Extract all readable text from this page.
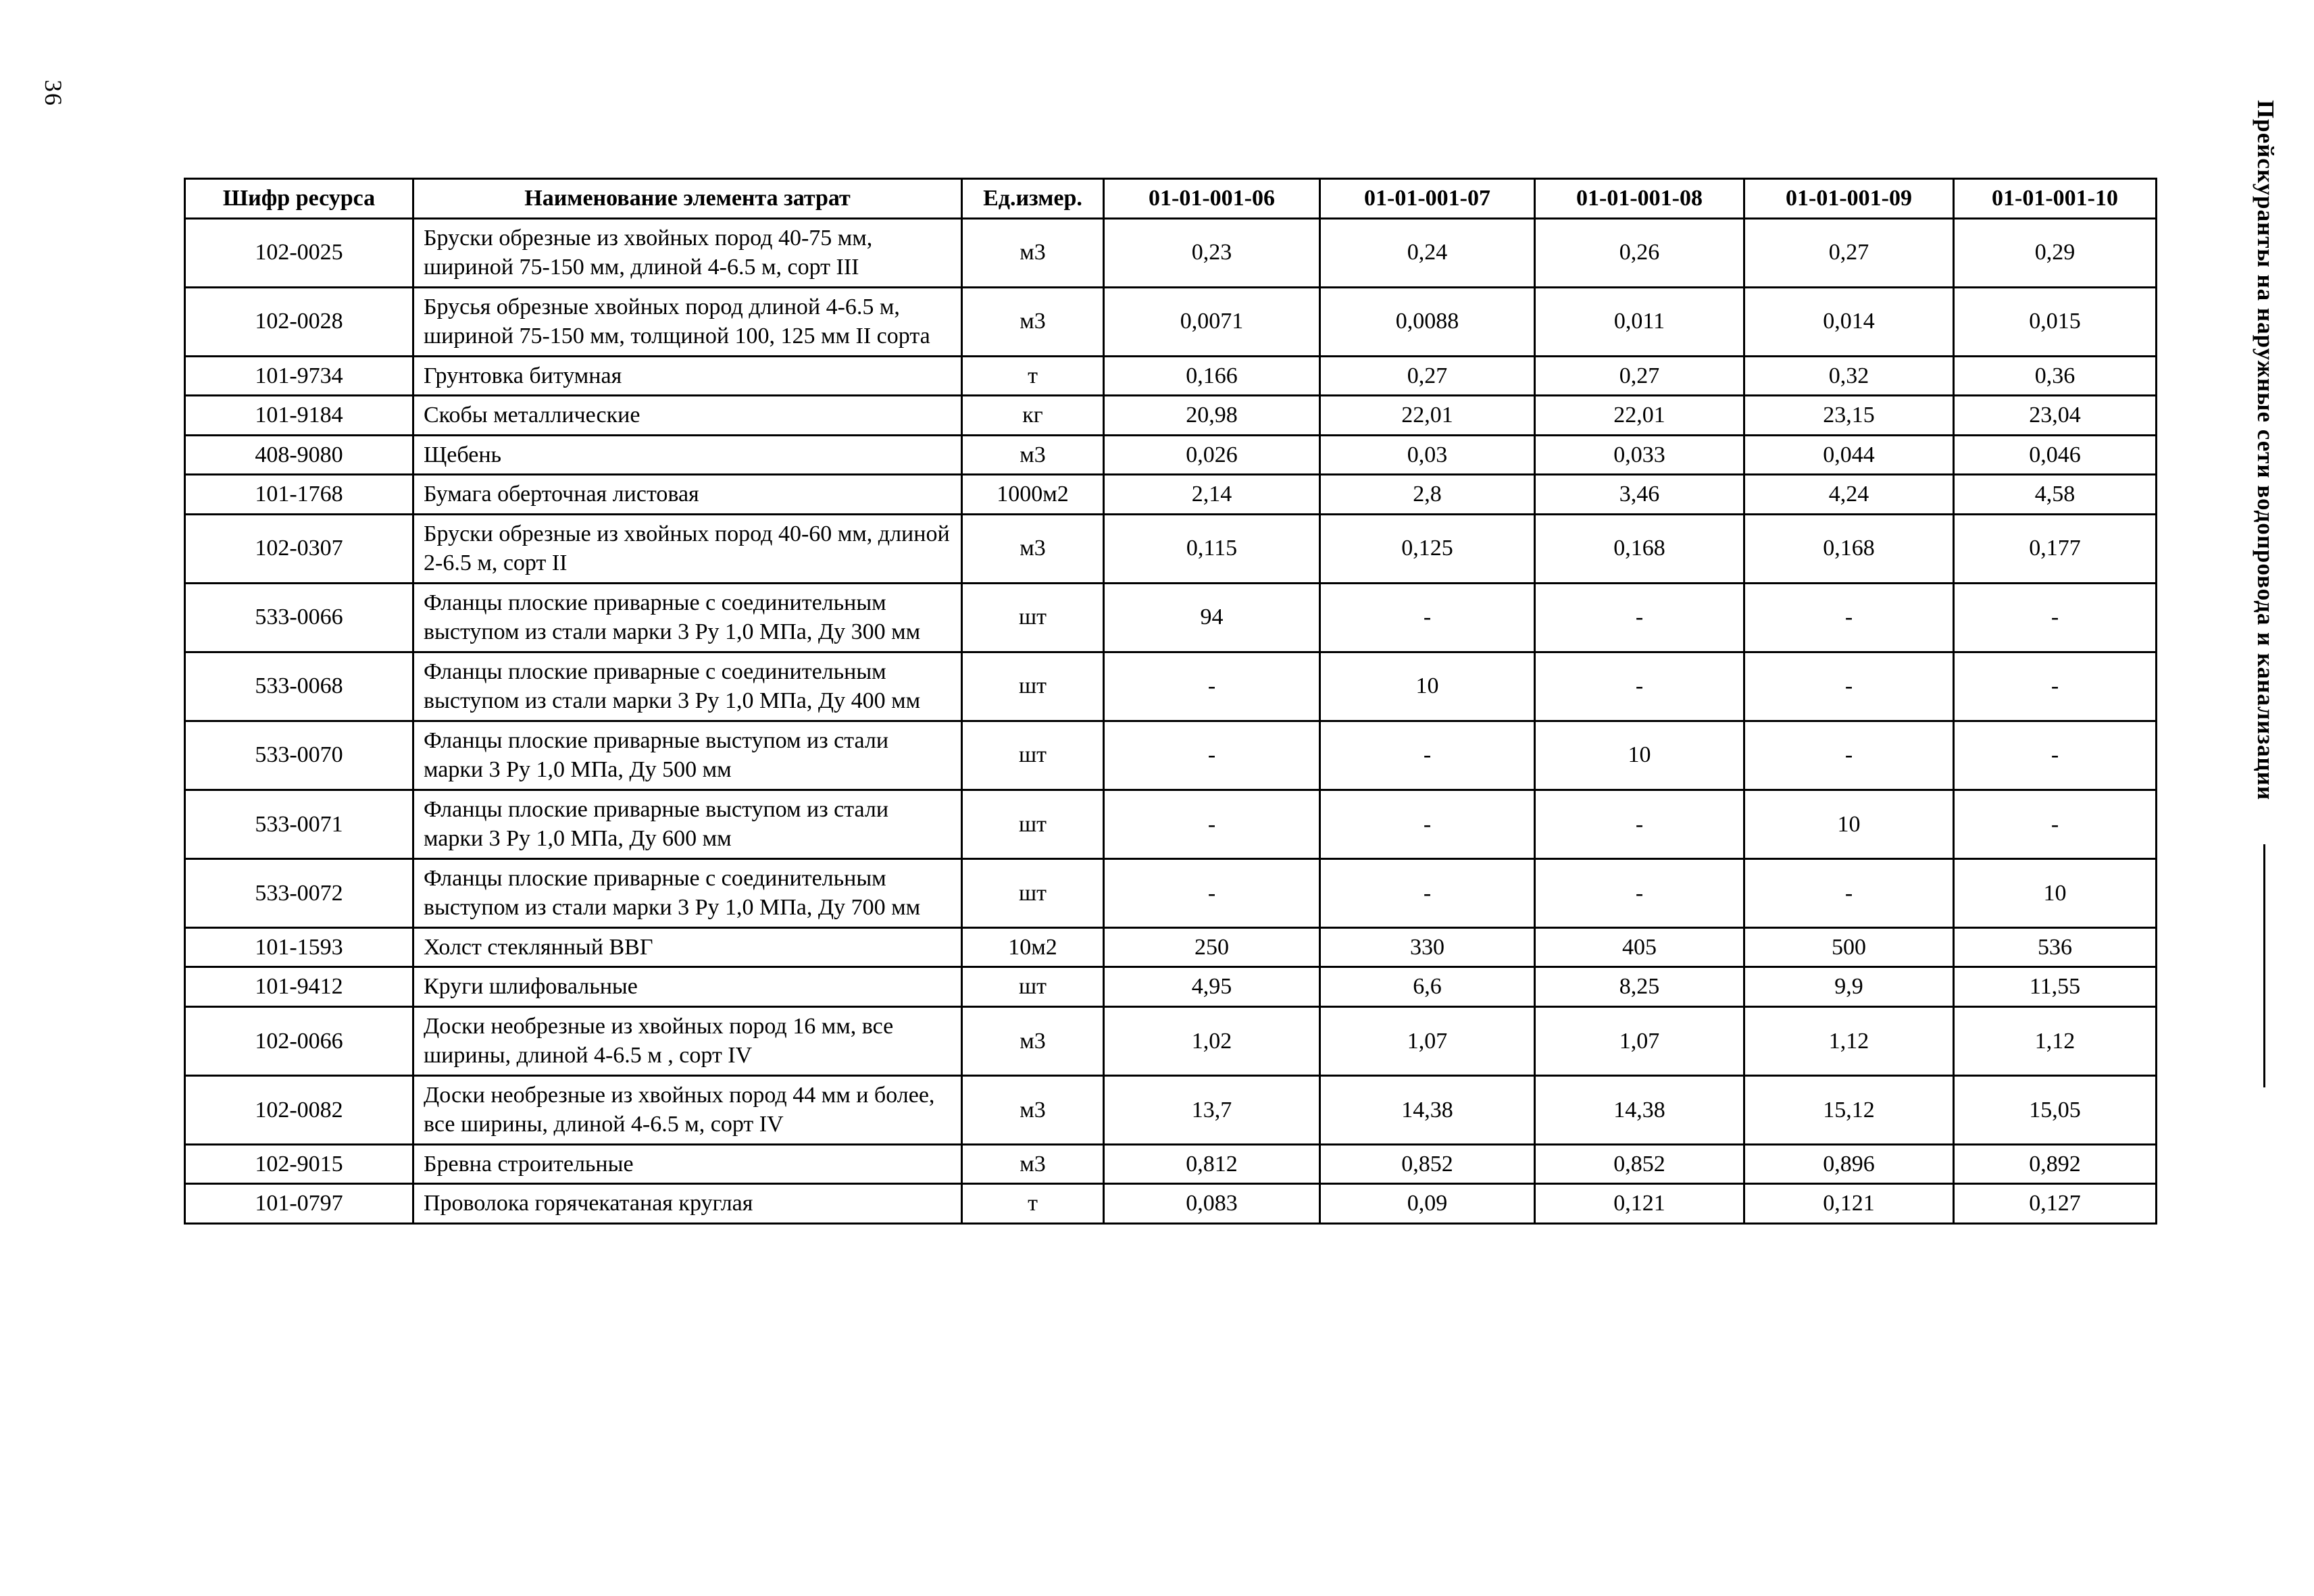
36
Прейскуранты на наружные сети водопровода и канализации
Шифр ресурса	Наименование элемента затрат	Ед.измер.	01-01-001-06	01-01-001-07	01-01-001-08	01-01-001-09	01-01-001-10
102-0025	Бруски обрезные из хвойных пород 40-75 мм, шириной 75-150 мм, длиной 4-6.5 м, сорт III	м3	0,23	0,24	0,26	0,27	0,29
102-0028	Брусья обрезные хвойных пород длиной 4-6.5 м, шириной 75-150 мм, толщиной 100, 125 мм II сорта	м3	0,0071	0,0088	0,011	0,014	0,015
101-9734	Грунтовка битумная	т	0,166	0,27	0,27	0,32	0,36
101-9184	Скобы металлические	кг	20,98	22,01	22,01	23,15	23,04
408-9080	Щебень	м3	0,026	0,03	0,033	0,044	0,046
101-1768	Бумага оберточная листовая	1000м2	2,14	2,8	3,46	4,24	4,58
102-0307	Бруски обрезные из хвойных пород 40-60 мм, длиной 2-6.5 м, сорт II	м3	0,115	0,125	0,168	0,168	0,177
533-0066	Фланцы плоские приварные с соединительным выступом из стали марки 3 Ру 1,0 МПа, Ду 300 мм	шт	94	-	-	-	-
533-0068	Фланцы плоские приварные с соединительным выступом из стали марки 3 Ру 1,0 МПа, Ду 400 мм	шт	-	10	-	-	-
533-0070	Фланцы плоские приварные выступом из стали марки 3 Ру 1,0 МПа, Ду 500 мм	шт	-	-	10	-	-
533-0071	Фланцы плоские приварные выступом из стали марки 3 Ру 1,0 МПа, Ду 600 мм	шт	-	-	-	10	-
533-0072	Фланцы плоские приварные с соединительным выступом из стали марки 3 Ру 1,0 МПа, Ду 700 мм	шт	-	-	-	-	10
101-1593	Холст стеклянный ВВГ	10м2	250	330	405	500	536
101-9412	Круги шлифовальные	шт	4,95	6,6	8,25	9,9	11,55
102-0066	Доски необрезные из хвойных пород 16 мм, все ширины, длиной 4-6.5 м , сорт IV	м3	1,02	1,07	1,07	1,12	1,12
102-0082	Доски необрезные из хвойных пород 44 мм и более, все ширины, длиной 4-6.5 м, сорт IV	м3	13,7	14,38	14,38	15,12	15,05
102-9015	Бревна строительные	м3	0,812	0,852	0,852	0,896	0,892
101-0797	Проволока горячекатаная круглая	т	0,083	0,09	0,121	0,121	0,127
